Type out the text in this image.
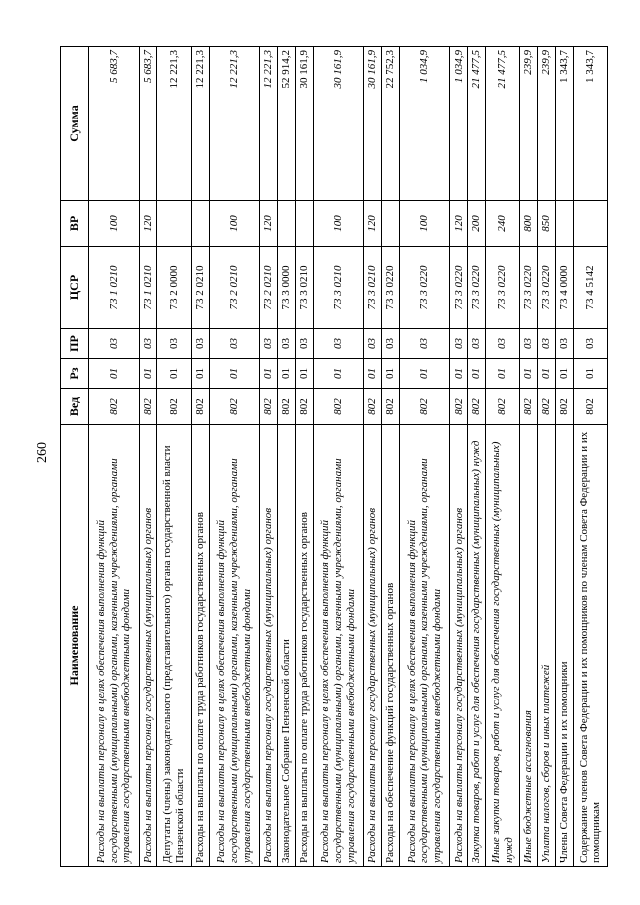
260
Наименование	Вед	Рз	ПР	ЦСР	ВР	Сумма
Расходы на выплаты персоналу в целях обеспечения выполнения функций государственными (муниципальными) органами, казенными учреждениями, органами управления государственными внебюджетными фондами	802	01	03	73 1 0210	100	5 683,7
Расходы на выплаты персоналу государственных (муниципальных) органов	802	01	03	73 1 0210	120	5 683,7
Депутаты (члены) законодательного (представительного) органа государственной власти Пензенской области	802	01	03	73 2 0000		12 221,3
Расходы на выплаты по оплате труда работников государственных органов	802	01	03	73 2 0210		12 221,3
Расходы на выплаты персоналу в целях обеспечения выполнения функций государственными (муниципальными) органами, казенными учреждениями, органами управления государственными внебюджетными фондами	802	01	03	73 2 0210	100	12 221,3
Расходы на выплаты персоналу государственных (муниципальных) органов	802	01	03	73 2 0210	120	12 221,3
Законодательное Собрание Пензенской области	802	01	03	73 3 0000		52 914,2
Расходы на выплаты по оплате труда работников государственных органов	802	01	03	73 3 0210		30 161,9
Расходы на выплаты персоналу в целях обеспечения выполнения функций государственными (муниципальными) органами, казенными учреждениями, органами управления государственными внебюджетными фондами	802	01	03	73 3 0210	100	30 161,9
Расходы на выплаты персоналу государственных (муниципальных) органов	802	01	03	73 3 0210	120	30 161,9
Расходы на обеспечение функций государственных органов	802	01	03	73 3 0220		22 752,3
Расходы на выплаты персоналу в целях обеспечения выполнения функций государственными (муниципальными) органами, казенными учреждениями, органами управления государственными внебюджетными фондами	802	01	03	73 3 0220	100	1 034,9
Расходы на выплаты персоналу государственных (муниципальных) органов	802	01	03	73 3 0220	120	1 034,9
Закупка товаров, работ и услуг для обеспечения государственных (муниципальных) нужд	802	01	03	73 3 0220	200	21 477,5
Иные закупки товаров, работ и услуг для обеспечения государственных (муниципальных) нужд	802	01	03	73 3 0220	240	21 477,5
Иные бюджетные ассигнования	802	01	03	73 3 0220	800	239,9
Уплата налогов, сборов и иных платежей	802	01	03	73 3 0220	850	239,9
Члены Совета Федерации и их помощники	802	01	03	73 4 0000		1 343,7
Содержание членов Совета Федерации и их помощников по членам Совета Федерации и их помощникам	802	01	03	73 4 5142		1 343,7
